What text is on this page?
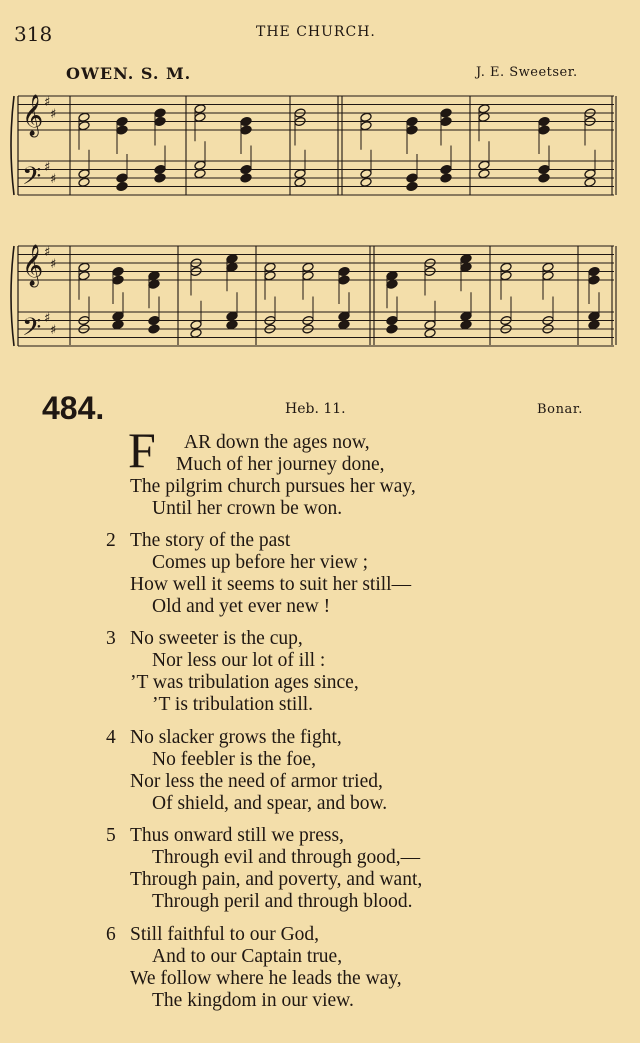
318	THE CHURCH.
OWEN. S. M.	J. E. Sweetser.
𝄞
𝄞
𝄢
𝄢
♯
♯
♯
♯
♯
♯
♯
♯
484.	Heb. 11.	Bonar.
F AR down the ages now,
Much of her journey done,
The pilgrim church pursues her way,
Until her crown be won.
2 The story of the past
Comes up before her view ;
How well it seems to suit her still—
Old and yet ever new !
3 No sweeter is the cup,
Nor less our lot of ill :
’T was tribulation ages since,
’T is tribulation still.
4 No slacker grows the fight,
No feebler is the foe,
Nor less the need of armor tried,
Of shield, and spear, and bow.
5 Thus onward still we press,
Through evil and through good,—
Through pain, and poverty, and want,
Through peril and through blood.
6 Still faithful to our God,
And to our Captain true,
We follow where he leads the way,
The kingdom in our view.
